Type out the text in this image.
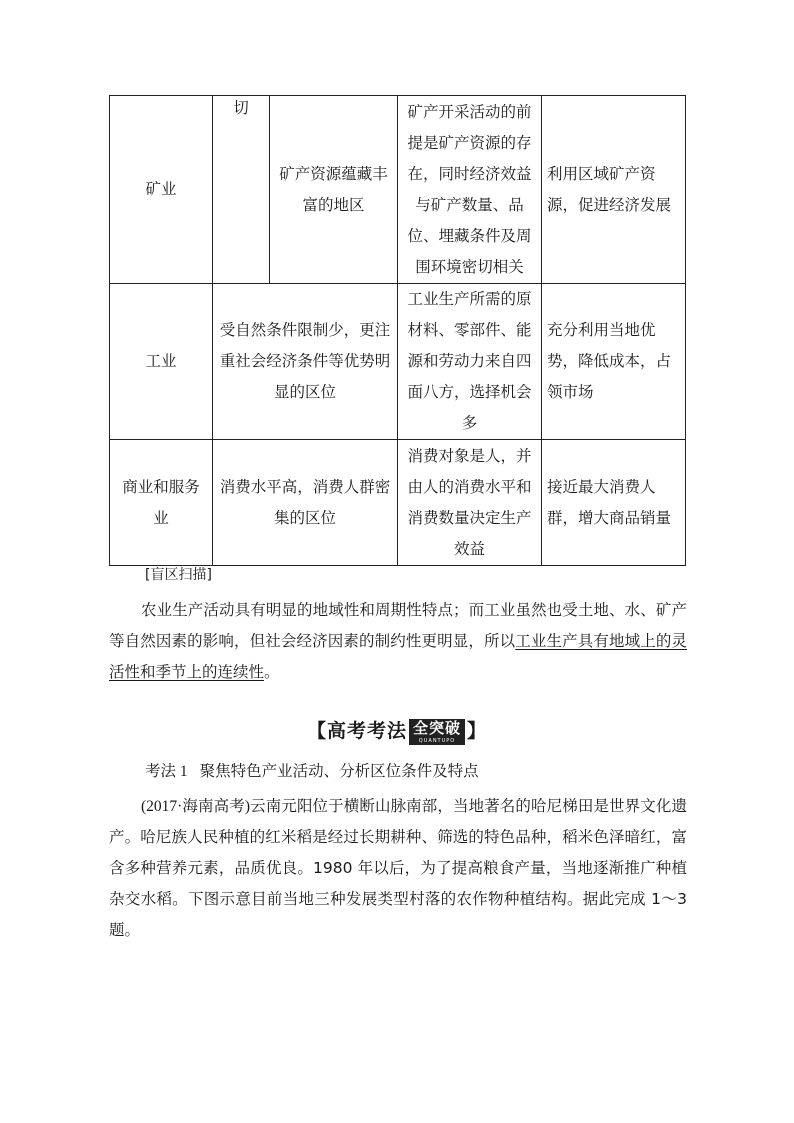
矿业	切	矿产资源蕴藏丰富的地区	矿产开采活动的前提是矿产资源的存在，同时经济效益与矿产数量、品位、埋藏条件及周围环境密切相关	利用区域矿产资源，促进经济发展
工业	受自然条件限制少，更注重社会经济条件等优势明显的区位		工业生产所需的原材料、零部件、能源和劳动力来自四面八方，选择机会多	充分利用当地优势，降低成本，占领市场
商业和服务业	消费水平高，消费人群密集的区位		消费对象是人，并由人的消费水平和消费数量决定生产效益	接近最大消费人群，增大商品销量
[盲区扫描]
农业生产活动具有明显的地域性和周期性特点；而工业虽然也受土地、水、矿产等自然因素的影响，但社会经济因素的制约性更明显，所以工业生产具有地域上的灵活性和季节上的连续性。
【高考考法 全突破
QUANTUPO 】
考法 1 聚焦特色产业活动、分析区位条件及特点
(2017·海南高考)云南元阳位于横断山脉南部，当地著名的哈尼梯田是世界文化遗产。哈尼族人民种植的红米稻是经过长期耕种、筛选的特色品种，稻米色泽暗红，富含多种营养元素，品质优良。1980 年以后，为了提高粮食产量，当地逐渐推广种植杂交水稻。下图示意目前当地三种发展类型村落的农作物种植结构。据此完成 1～3 题。
